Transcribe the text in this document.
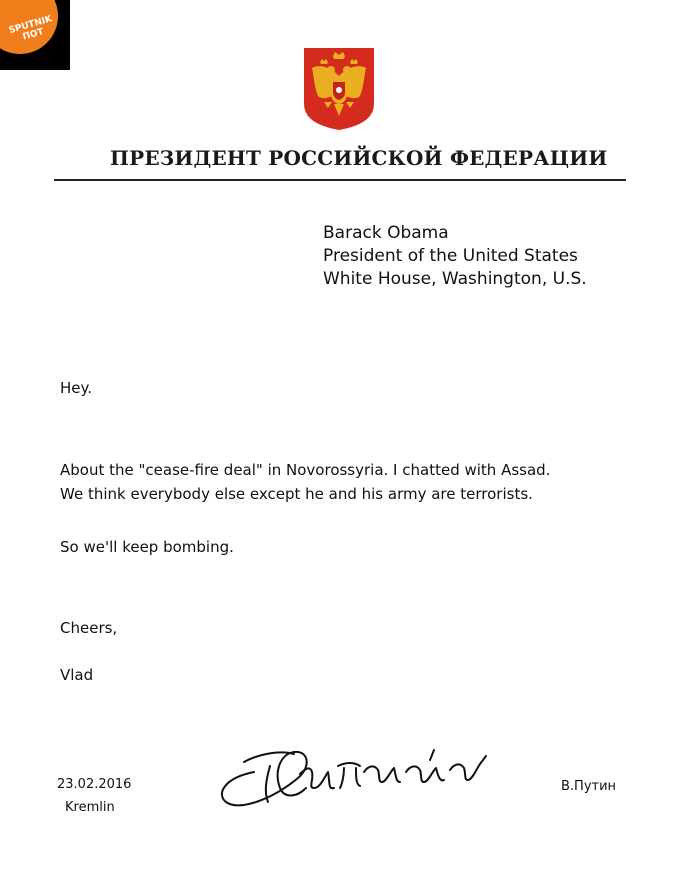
SPUTNIK
ПОТ
ПРЕЗИДЕНТ РОССИЙСКОЙ ФЕДЕРАЦИИ
Barack Obama
President of the United States
White House, Washington, U.S.
Hey.
About the "cease-fire deal" in Novorossyria. I chatted with Assad.
We think everybody else except he and his army are terrorists.
So we'll keep bombing.
Cheers,
Vlad
23.02.2016
Kremlin
В.Путин
